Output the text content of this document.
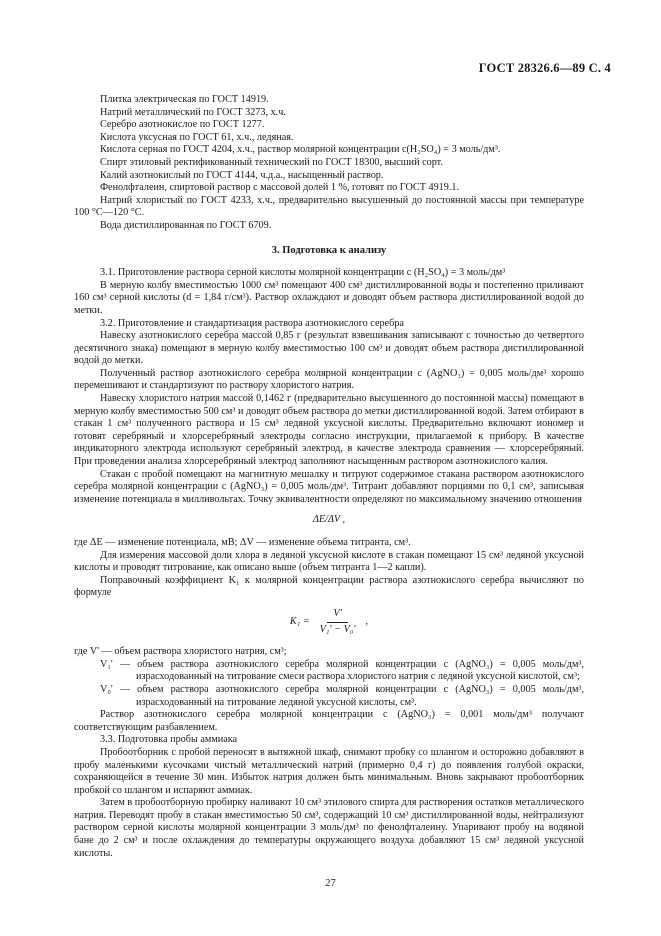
ГОСТ 28326.6—89 С. 4

Плитка электрическая по ГОСТ 14919.

Натрий металлический по ГОСТ 3273, х.ч.

Серебро азотнокислое по ГОСТ 1277.

Кислота уксусная по ГОСТ 61, х.ч., ледяная.

Кислота серная по ГОСТ 4204, х.ч., раствор молярной концентрации c(H₂SO₄) = 3 моль/дм³.

Спирт этиловый ректификованный технический по ГОСТ 18300, высший сорт.

Калий азотнокислый по ГОСТ 4144, ч.д.а., насыщенный раствор.

Фенолфталеин, спиртовой раствор с массовой долей 1 %, готовят по ГОСТ 4919.1.

Натрий хлористый по ГОСТ 4233, х.ч., предварительно высушенный до постоянной массы при температуре 100 °С—120 °С.

Вода дистиллированная по ГОСТ 6709.

3. Подготовка к анализу

3.1. Приготовление раствора серной кислоты молярной концентрации c (H₂SO₄) = 3 моль/дм³

В мерную колбу вместимостью 1000 см³ помещают 400 см³ дистиллированной воды и постепенно приливают 160 см³ серной кислоты (d = 1,84 г/см³). Раствор охлаждают и доводят объем раствора дистиллированной водой до метки.

3.2. Приготовление и стандартизация раствора азотнокислого серебра

Навеску азотнокислого серебра массой 0,85 г (результат взвешивания записывают с точностью до четвертого десятичного знака) помещают в мерную колбу вместимостью 100 см³ и доводят объем раствора дистиллированной водой до метки.

Полученный раствор азотнокислого серебра молярной концентрации c (AgNO₃) = 0,005 моль/дм³ хорошо перемешивают и стандартизуют по раствору хлористого натрия.

Навеску хлористого натрия массой 0,1462 г (предварительно высушенного до постоянной массы) помещают в мерную колбу вместимостью 500 см³ и доводят объем раствора до метки дистиллированной водой. Затем отбирают в стакан 1 см³ полученного раствора и 15 см³ ледяной уксусной кислоты. Предварительно включают иономер и готовят серебряный и хлорсеребряный электроды согласно инструкции, прилагаемой к прибору. В качестве индикаторного электрода используют серебряный электрод, в качестве электрода сравнения — хлорсеребряный. При проведении анализа хлорсеребряный электрод заполняют насыщенным раствором азотнокислого калия.

Стакан с пробой помещают на магнитную мешалку и титруют содержимое стакана раствором азотнокислого серебра молярной концентрации c (AgNO₃) = 0,005 моль/дм³. Титрант добавляют порциями по 0,1 см³, записывая изменение потенциала в милливольтах. Точку эквивалентности определяют по максимальному значению отношения

ΔE/ΔV ,

где ΔE — изменение потенциала, мВ; ΔV — изменение объема титранта, см³.

Для измерения массовой доли хлора в ледяной уксусной кислоте в стакан помещают 15 см³ ледяной уксусной кислоты и проводят титрование, как описано выше (объем титранта 1—2 капли).

Поправочный коэффициент K₁ к молярной концентрации раствора азотнокислого серебра вычисляют по формуле

$K_1 = \frac{V'}{\text{V₁' − V₀'}}$ ,

где V' — объем раствора хлористого натрия, см³;

V₁' — объем раствора азотнокислого серебра молярной концентрации c (AgNO₃) = 0,005 моль/дм³, израсходованный на титрование смеси раствора хлористого натрия с ледяной уксусной кислотой, см³;

V₀' — объем раствора азотнокислого серебра молярной концентрации c (AgNO₃) = 0,005 моль/дм³, израсходованный на титрование ледяной уксусной кислоты, см³.

Раствор азотнокислого серебра молярной концентрации c (AgNO₃) = 0,001 моль/дм³ получают соответствующим разбавлением.

3.3. Подготовка пробы аммиака

Пробоотборник с пробой переносят в вытяжной шкаф, снимают пробку со шлангом и осторожно добавляют в пробу маленькими кусочками чистый металлический натрий (примерно 0,4 г) до появления голубой окраски, сохраняющейся в течение 30 мин. Избыток натрия должен быть минимальным. Вновь закрывают пробоотборник пробкой со шлангом и испаряют аммиак.

Затем в пробоотборную пробирку наливают 10 см³ этилового спирта для растворения остатков металлического натрия. Переводят пробу в стакан вместимостью 50 см³, содержащий 10 см³ дистиллированной воды, нейтрализуют раствором серной кислоты молярной концентрации 3 моль/дм³ по фенолфталеину. Упаривают пробу на водяной бане до 2 см³ и после охлаждения до температуры окружающего воздуха добавляют 15 см³ ледяной уксусной кислоты.

27
